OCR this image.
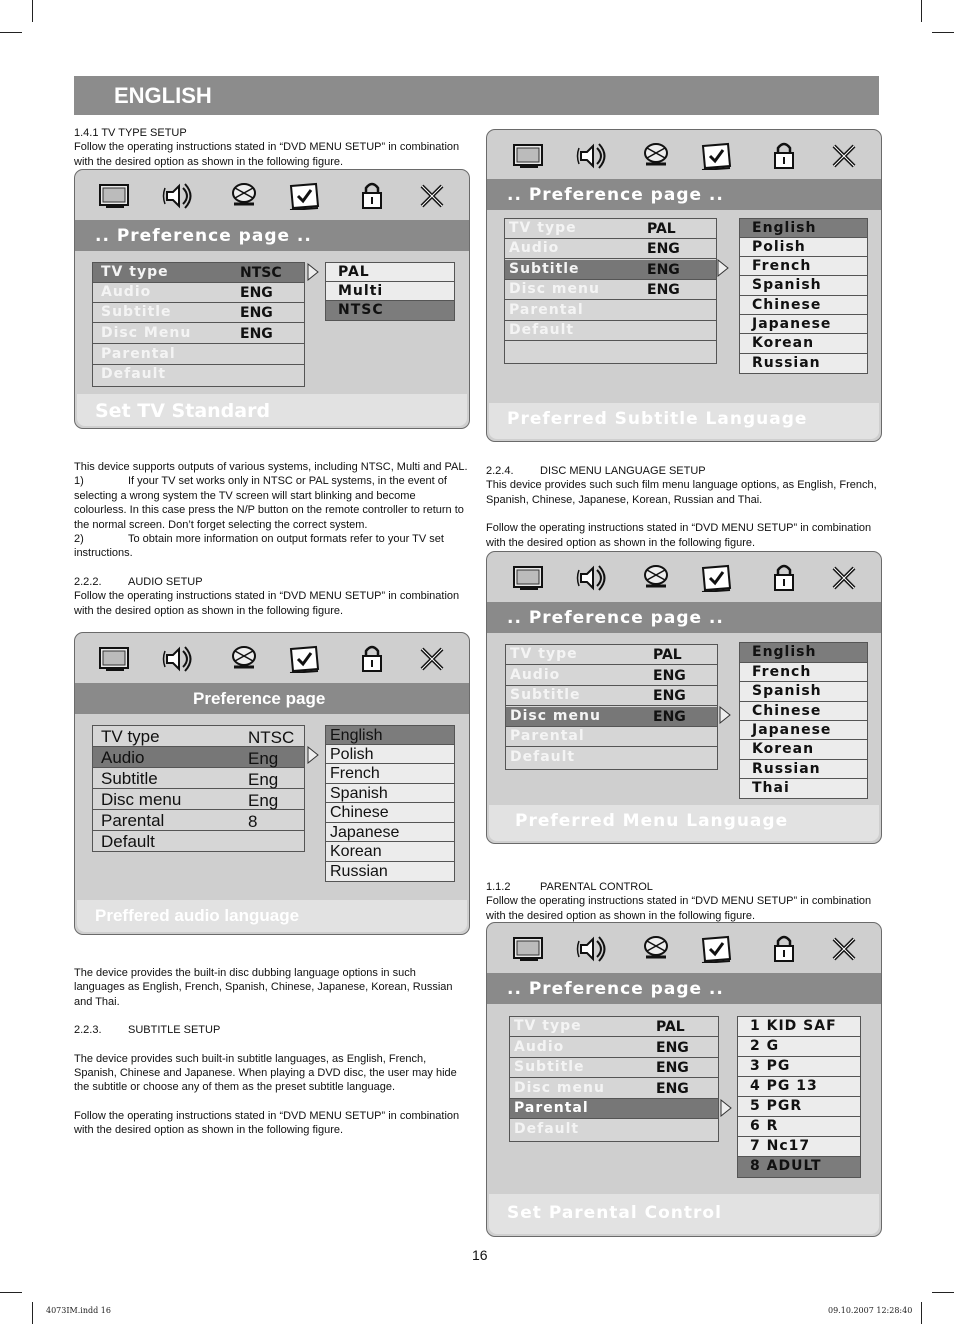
ENGLISH

1.4.1 TV TYPE SETUP

Follow the operating instructions stated in “DVD MENU SETUP” in combination with the desired option as shown in the following figure.

This device supports outputs of various systems, including NTSC, Multi and PAL.

1)	If your TV set works only in NTSC or PAL systems, in the event of selecting a wrong system the TV screen will start blinking and become colourless. In this case press the N/P button on the remote controller to return to the normal screen. Don’t forget selecting the correct system.

2)	To obtain more information on output formats refer to your TV set instructions.

2.2.2. AUDIO SETUP

Follow the operating instructions stated in “DVD MENU SETUP” in combination with the desired option as shown in the following figure.

The device provides the built-in disc dubbing language options in such languages as English, French, Spanish, Chinese, Japanese, Korean, Russian and Thai.

2.2.3. SUBTITLE SETUP

The device provides such built-in subtitle languages, as English, French, Spanish, Chinese and Japanese. When playing a DVD disc, the user may hide the subtitle or choose any of them as the preset subtitle language.

Follow the operating instructions stated in “DVD MENU SETUP” in combination with the desired option as shown in the following figure.

2.2.4. DISC MENU LANGUAGE SETUP

This device provides such such film menu language options, as English, French, Spanish, Chinese, Japanese, Korean, Russian and Thai.

Follow the operating instructions stated in “DVD MENU SETUP” in combination with the desired option as shown in the following figure.

1.1.2	PARENTAL CONTROL

Follow the operating instructions stated in “DVD MENU SETUP” in combination with the desired option as shown in the following figure.

.. Preference page ..
TV type	NTSC
Audio	ENG
Subtitle	ENG
Disc Menu	ENG
Parental
Default
PAL
Multi
NTSC
Set TV Standard
Preference page
TV type	NTSC
Audio	Eng
Subtitle	Eng
Disc menu	Eng
Parental	8
Default
English
Polish
French
Spanish
Chinese
Japanese
Korean
Russian
Preffered audio language
.. Preference page ..
TV type	PAL
Audio	ENG
Subtitle	ENG
Disc menu	ENG
Parental
Default
English
Polish
French
Spanish
Chinese
Japanese
Korean
Russian
Preferred Subtitle Language
.. Preference page ..
TV type	PAL
Audio	ENG
Subtitle	ENG
Disc menu	ENG
Parental
Default
English
French
Spanish
Chinese
Japanese
Korean
Russian
Thai
Preferred Menu Language
.. Preference page ..
TV type	PAL
Audio	ENG
Subtitle	ENG
Disc menu	ENG
Parental
Default
1 KID SAF
2 G
3 PG
4 PG 13
5 PGR
6 R
7 Nc17
8 ADULT
Set Parental Control
16
4073IM.indd 16	09.10.2007 12:28:40
